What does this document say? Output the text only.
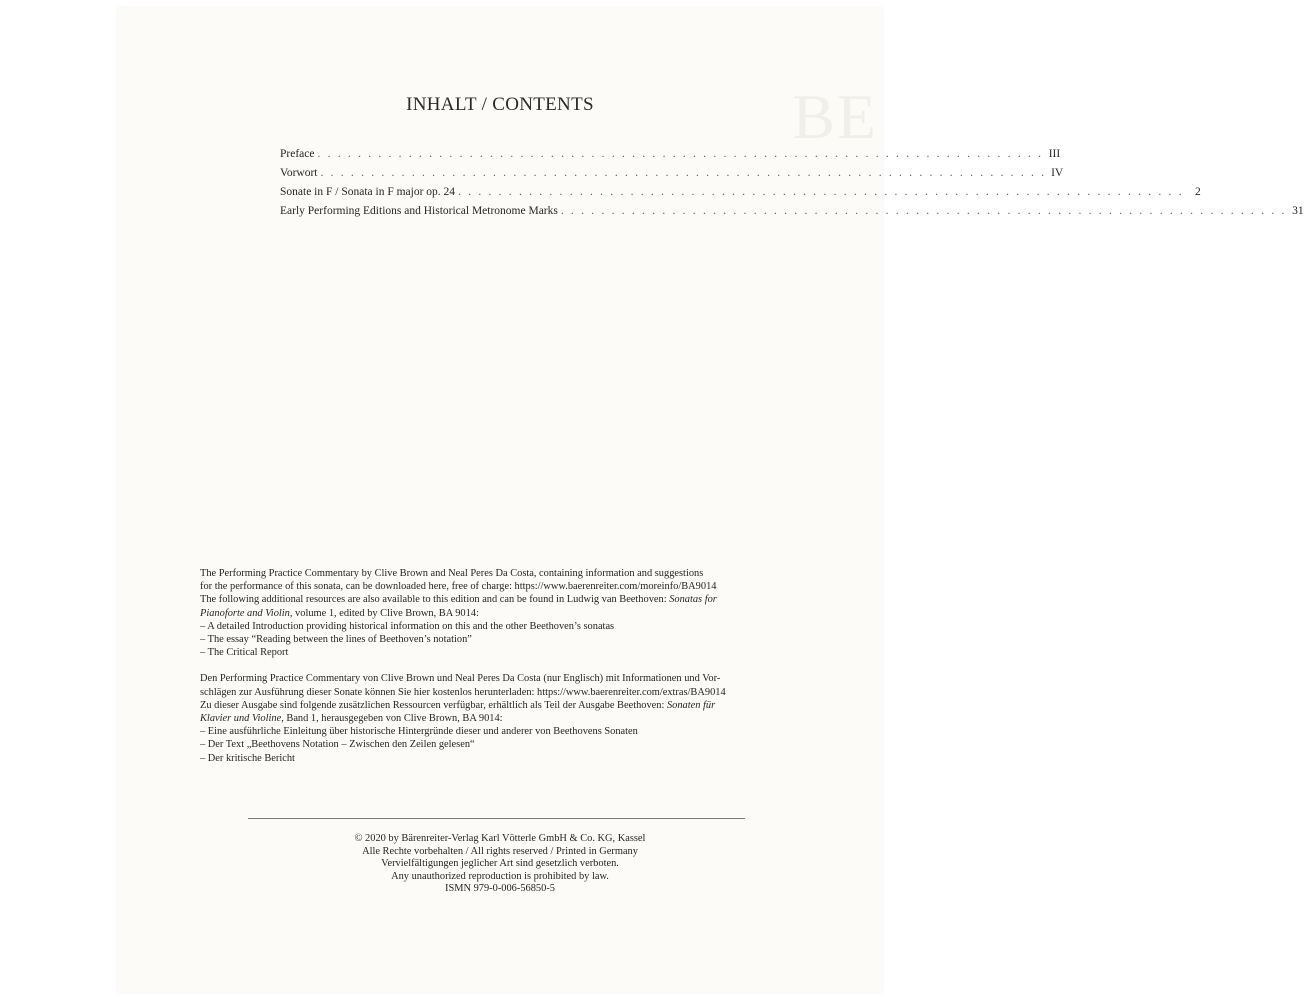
BE
INHALT / CONTENTS
Preface . . . . . . . . . . . . . . . . . . . . . . . . . . . . . . . . . . . . . . . . . . . . . . . . . . . . . . . . . . . . . . . . . . . . . . . . III
Vorwort . . . . . . . . . . . . . . . . . . . . . . . . . . . . . . . . . . . . . . . . . . . . . . . . . . . . . . . . . . . . . . . . . . . . . . . . IV
Sonate in F / Sonata in F major op. 24 . . . . . . . . . . . . . . . . . . . . . . . . . . . . . . . . . . . . . . . . . . . . . . . . . . . . . . . . . . . . . . . . . . . . . . . . 2
Early Performing Editions and Historical Metronome Marks . . . . . . . . . . . . . . . . . . . . . . . . . . . . . . . . . . . . . . . . . . . . . . . . . . . . . . . . . . . . . . . . . . . . . . . . 31

The Performing Practice Commentary by Clive Brown and Neal Peres Da Costa, containing information and suggestions

for the performance of this sonata, can be downloaded here, free of charge: https://www.baerenreiter.com/moreinfo/BA9014

The following additional resources are also available to this edition and can be found in Ludwig van Beethoven: Sonatas for

Pianoforte and Violin, volume 1, edited by Clive Brown, BA 9014:

– A detailed Introduction providing historical information on this and the other Beethoven’s sonatas

– The essay “Reading between the lines of Beethoven’s notation”

– The Critical Report

Den Performing Practice Commentary von Clive Brown und Neal Peres Da Costa (nur Englisch) mit Informationen und Vor-

schlägen zur Ausführung dieser Sonate können Sie hier kostenlos herunterladen: https://www.baerenreiter.com/extras/BA9014

Zu dieser Ausgabe sind folgende zusätzlichen Ressourcen verfügbar, erhältlich als Teil der Ausgabe Beethoven: Sonaten für

Klavier und Violine, Band 1, herausgegeben von Clive Brown, BA 9014:

– Eine ausführliche Einleitung über historische Hintergründe dieser und anderer von Beethovens Sonaten

– Der Text „Beethovens Notation – Zwischen den Zeilen gelesen“

– Der kritische Bericht

© 2020 by Bärenreiter-Verlag Karl Vötterle GmbH & Co. KG, Kassel
Alle Rechte vorbehalten / All rights reserved / Printed in Germany
Vervielfältigungen jeglicher Art sind gesetzlich verboten.
Any unauthorized reproduction is prohibited by law.
ISMN 979-0-006-56850-5
